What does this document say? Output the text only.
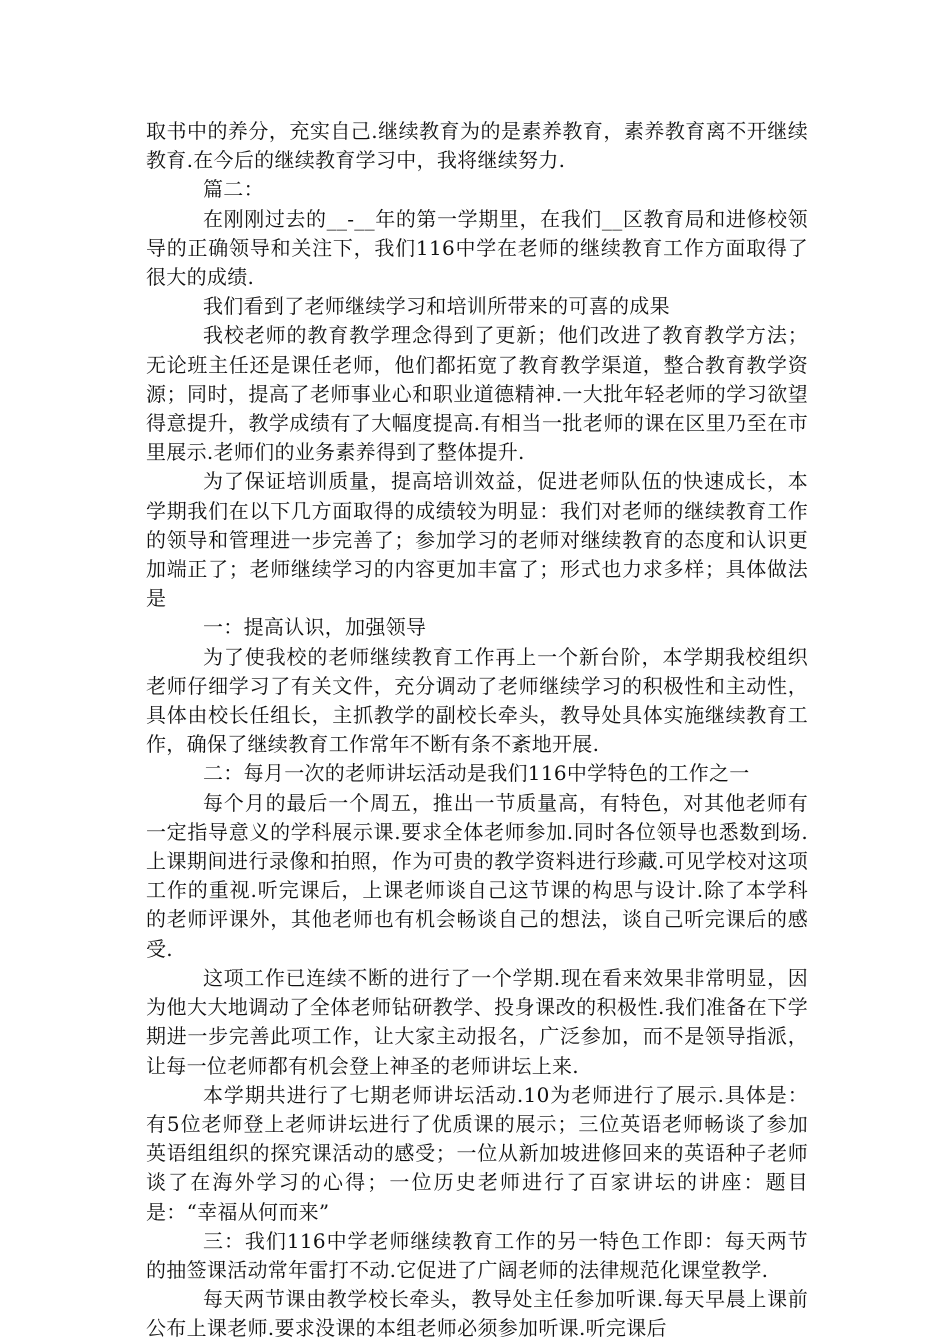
取书中的养分，充实自己.继续教育为的是素养教育，素养教育离不开继续教育.在今后的继续教育学习中，我将继续努力.

篇二：

在刚刚过去的__-__年的第一学期里，在我们__区教育局和进修校领导的正确领导和关注下，我们116中学在老师的继续教育工作方面取得了很大的成绩.

我们看到了老师继续学习和培训所带来的可喜的成果

我校老师的教育教学理念得到了更新；他们改进了教育教学方法；无论班主任还是课任老师，他们都拓宽了教育教学渠道，整合教育教学资源；同时，提高了老师事业心和职业道德精神.一大批年轻老师的学习欲望得意提升，教学成绩有了大幅度提高.有相当一批老师的课在区里乃至在市里展示.老师们的业务素养得到了整体提升.

为了保证培训质量，提高培训效益，促进老师队伍的快速成长，本学期我们在以下几方面取得的成绩较为明显：我们对老师的继续教育工作的领导和管理进一步完善了；参加学习的老师对继续教育的态度和认识更加端正了；老师继续学习的内容更加丰富了；形式也力求多样；具体做法是

一：提高认识，加强领导

为了使我校的老师继续教育工作再上一个新台阶，本学期我校组织老师仔细学习了有关文件，充分调动了老师继续学习的积极性和主动性，具体由校长任组长，主抓教学的副校长牵头，教导处具体实施继续教育工作，确保了继续教育工作常年不断有条不紊地开展.

二：每月一次的老师讲坛活动是我们116中学特色的工作之一

每个月的最后一个周五，推出一节质量高，有特色，对其他老师有一定指导意义的学科展示课.要求全体老师参加.同时各位领导也悉数到场.上课期间进行录像和拍照，作为可贵的教学资料进行珍藏.可见学校对这项工作的重视.听完课后，上课老师谈自己这节课的构思与设计.除了本学科的老师评课外，其他老师也有机会畅谈自己的想法，谈自己听完课后的感受.

这项工作已连续不断的进行了一个学期.现在看来效果非常明显，因为他大大地调动了全体老师钻研教学、投身课改的积极性.我们准备在下学期进一步完善此项工作，让大家主动报名，广泛参加，而不是领导指派，让每一位老师都有机会登上神圣的老师讲坛上来.

本学期共进行了七期老师讲坛活动.10为老师进行了展示.具体是：有5位老师登上老师讲坛进行了优质课的展示；三位英语老师畅谈了参加英语组组织的探究课活动的感受；一位从新加坡进修回来的英语种子老师谈了在海外学习的心得；一位历史老师进行了百家讲坛的讲座：题目是：“幸福从何而来”

三：我们116中学老师继续教育工作的另一特色工作即：每天两节的抽签课活动常年雷打不动.它促进了广阔老师的法律规范化课堂教学.

每天两节课由教学校长牵头，教导处主任参加听课.每天早晨上课前公布上课老师.要求没课的本组老师必须参加听课.听完课后
